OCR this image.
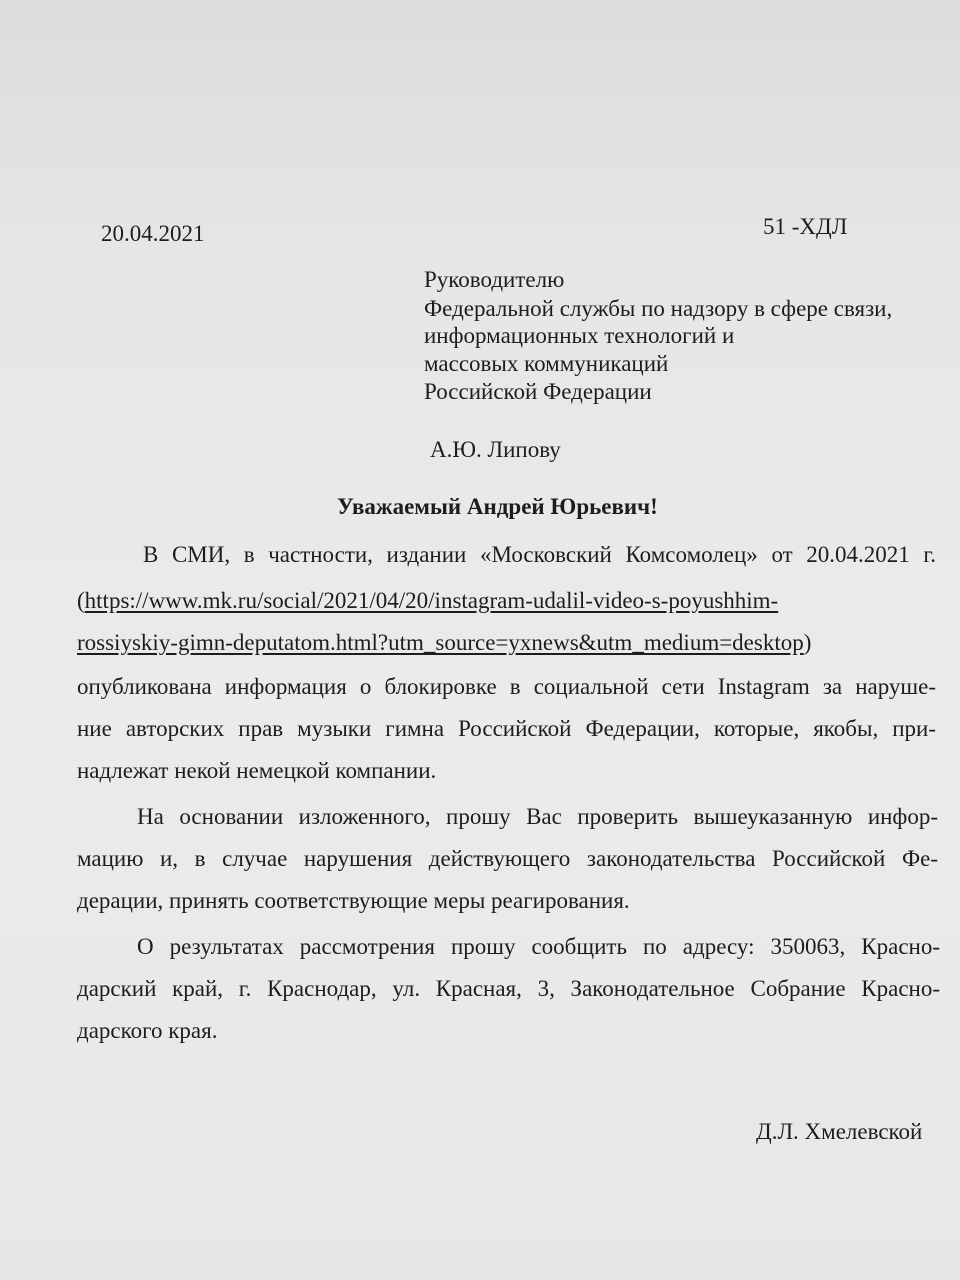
20.04.2021	51 -ХДЛ
Руководителю
Федеральной службы по надзору в сфере связи,
информационных технологий и
массовых коммуникаций
Российской Федерации
А.Ю. Липову
Уважаемый Андрей Юрьевич!
В СМИ, в частности, издании «Московский Комсомолец» от 20.04.2021 г.
(https://www.mk.ru/social/2021/04/20/instagram-udalil-video-s-poyushhim-
rossiyskiy-gimn-deputatom.html?utm_source=yxnews&utm_medium=desktop)
опубликована информация о блокировке в социальной сети Instagram за наруше-
ние авторских прав музыки гимна Российской Федерации, которые, якобы, при-
надлежат некой немецкой компании.
На основании изложенного, прошу Вас проверить вышеуказанную инфор-
мацию и, в случае нарушения действующего законодательства Российской Фе-
дерации, принять соответствующие меры реагирования.
О результатах рассмотрения прошу сообщить по адресу: 350063, Красно-
дарский край, г. Краснодар, ул. Красная, 3, Законодательное Собрание Красно-
дарского края.
Д.Л. Хмелевской
